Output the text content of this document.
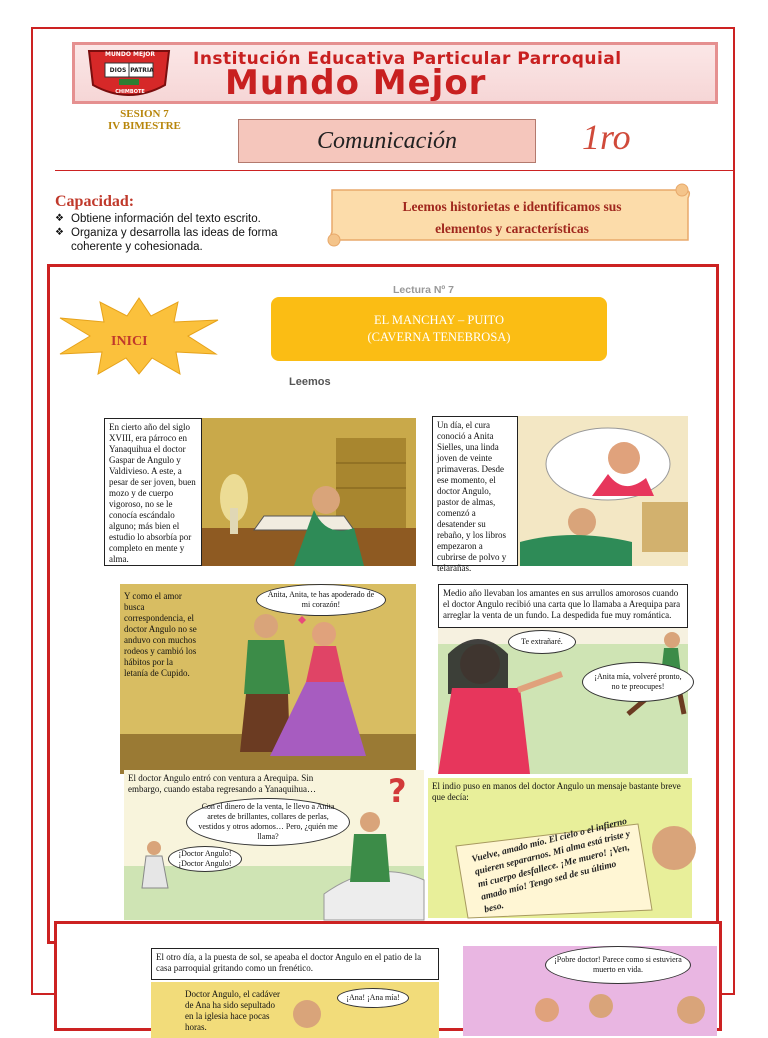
Institución Educativa Particular Parroquial
Mundo Mejor
MUNDO MEJOR
DIOS PATRIA
CHIMBOTE
SESION 7
IV BIMESTRE
Comunicación	1ro
Capacidad:
❖ Obtiene información del texto escrito.
❖ Organiza y desarrolla las ideas de forma coherente y cohesionada.
Leemos historietas e identificamos sus
elementos y características
Lectura Nº 7
INICI
EL MANCHAY – PUITO
(CAVERNA TENEBROSA)
Leemos
En cierto año del siglo XVIII, era párroco en Yanaquihua el doctor Gaspar de Angulo y Valdivieso. A este, a pesar de ser joven, buen mozo y de cuerpo vigoroso, no se le conocía escándalo alguno; más bien el estudio lo absorbía por completo en mente y alma.
Un día, el cura conoció a Anita Sielles, una linda joven de veinte primaveras. Desde ese momento, el doctor Angulo, pastor de almas, comenzó a desatender su rebaño, y los libros empezaron a cubrirse de polvo y telarañas.
Y como el amor busca correspondencia, el doctor Angulo no se anduvo con muchos rodeos y cambió los hábitos por la letanía de Cupido.
Anita, Anita, te has apoderado de mi corazón!
Medio año llevaban los amantes en sus arrullos amorosos cuando el doctor Angulo recibió una carta que lo llamaba a Arequipa para arreglar la venta de un fundo. La despedida fue muy romántica.
Te extrañaré.
¡Anita mía, volveré pronto, no te preocupes!
El doctor Angulo entró con ventura a Arequipa. Sin embargo, cuando estaba regresando a Yanaquihua…
Con el dinero de la venta, le llevo a Anita aretes de brillantes, collares de perlas, vestidos y otros adornos… Pero, ¿quién me llama?
¡Doctor Angulo! ¡Doctor Angulo!
?	El indio puso en manos del doctor Angulo un mensaje bastante breve que decía:
Vuelve, amado mío. El cielo o el infierno quieren separarnos. Mi alma está triste y mi cuerpo desfallece. ¡Me muero! ¡Ven, amado mío! Tengo sed de su último beso.
El otro día, a la puesta de sol, se apeaba el doctor Angulo en el patio de la casa parroquial gritando como un frenético.
Doctor Angulo, el cadáver de Ana ha sido sepultado en la iglesia hace pocas horas.
¡Ana! ¡Ana mía!
¡Pobre doctor! Parece como si estuviera muerto en vida.
